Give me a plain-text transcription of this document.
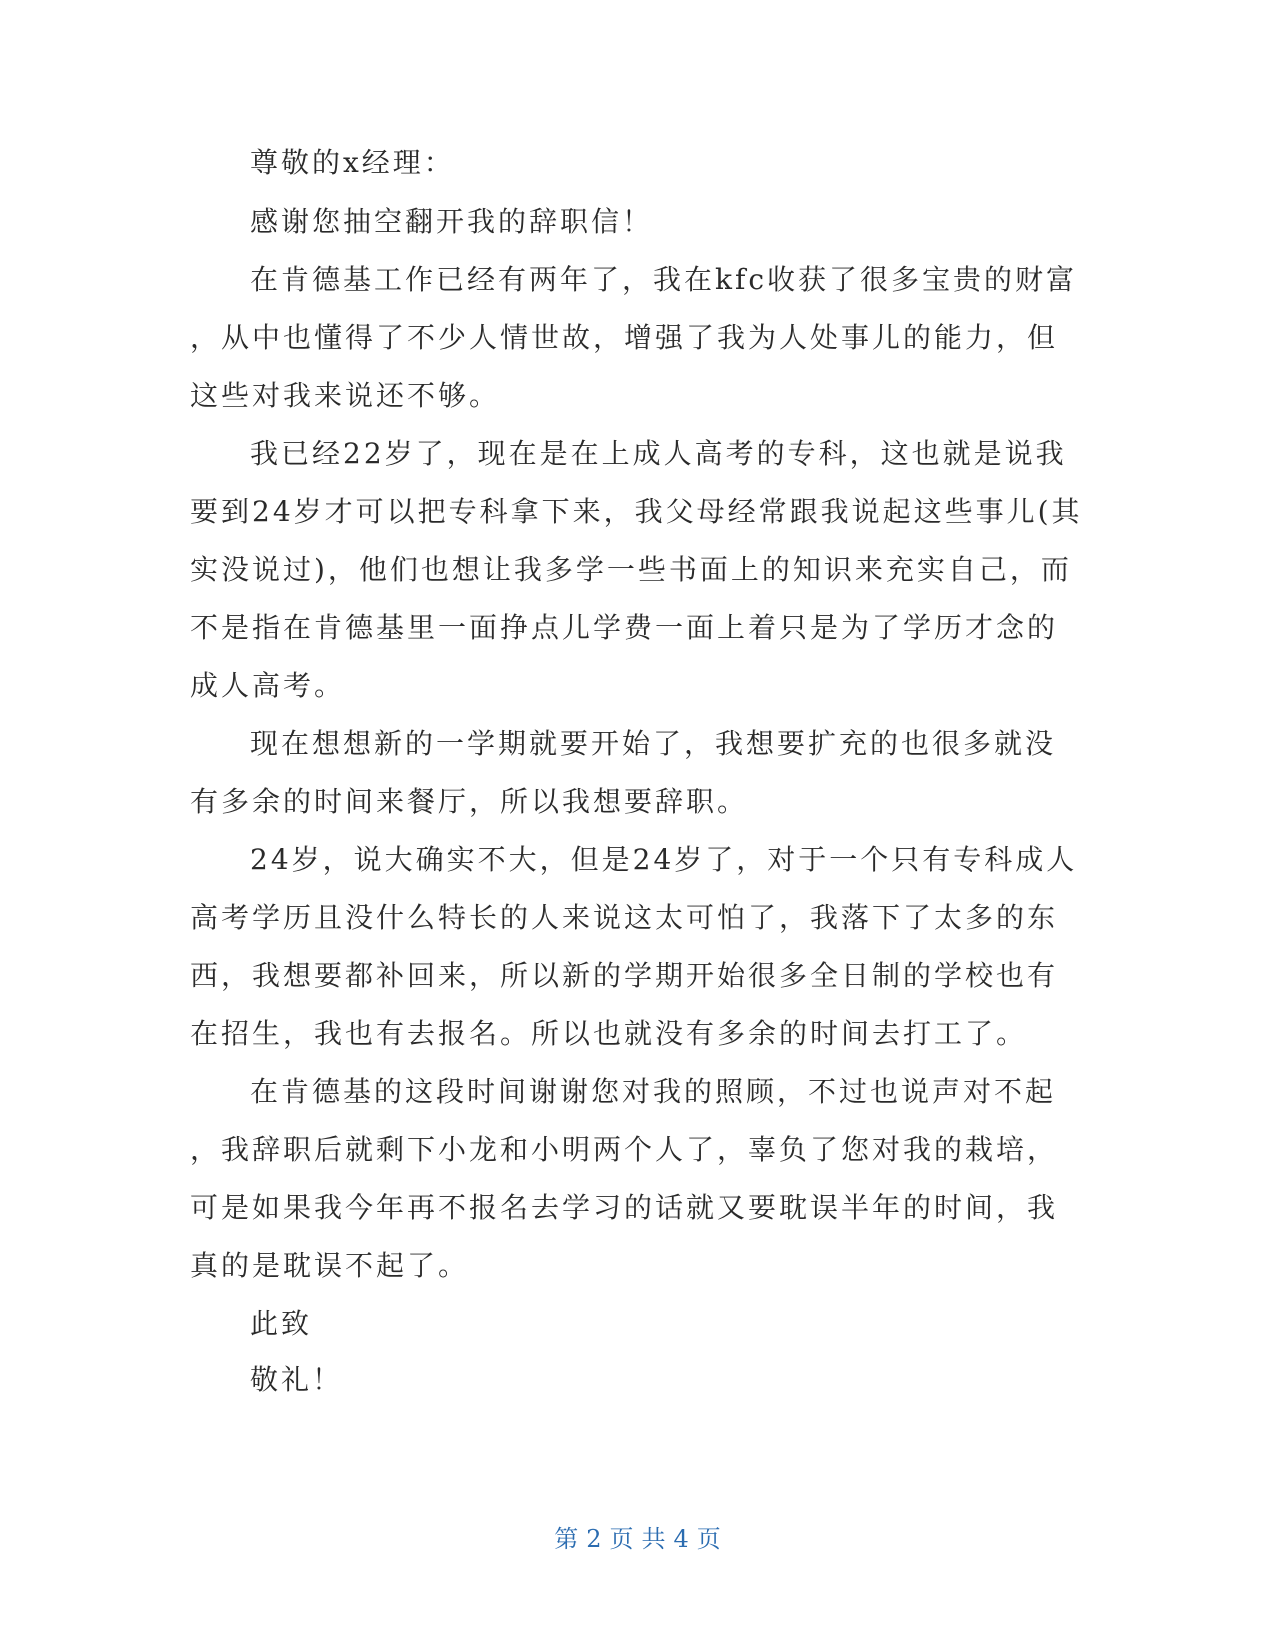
尊敬的x经理：
感谢您抽空翻开我的辞职信！
在肯德基工作已经有两年了，我在kfc收获了很多宝贵的财富
，从中也懂得了不少人情世故，增强了我为人处事儿的能力，但
这些对我来说还不够。
我已经22岁了，现在是在上成人高考的专科，这也就是说我
要到24岁才可以把专科拿下来，我父母经常跟我说起这些事儿(其
实没说过)，他们也想让我多学一些书面上的知识来充实自己，而
不是指在肯德基里一面挣点儿学费一面上着只是为了学历才念的
成人高考。
现在想想新的一学期就要开始了，我想要扩充的也很多就没
有多余的时间来餐厅，所以我想要辞职。
24岁，说大确实不大，但是24岁了，对于一个只有专科成人
高考学历且没什么特长的人来说这太可怕了，我落下了太多的东
西，我想要都补回来，所以新的学期开始很多全日制的学校也有
在招生，我也有去报名。所以也就没有多余的时间去打工了。
在肯德基的这段时间谢谢您对我的照顾，不过也说声对不起
，我辞职后就剩下小龙和小明两个人了，辜负了您对我的栽培，
可是如果我今年再不报名去学习的话就又要耽误半年的时间，我
真的是耽误不起了。
此致
敬礼！
第 2 页 共 4 页
